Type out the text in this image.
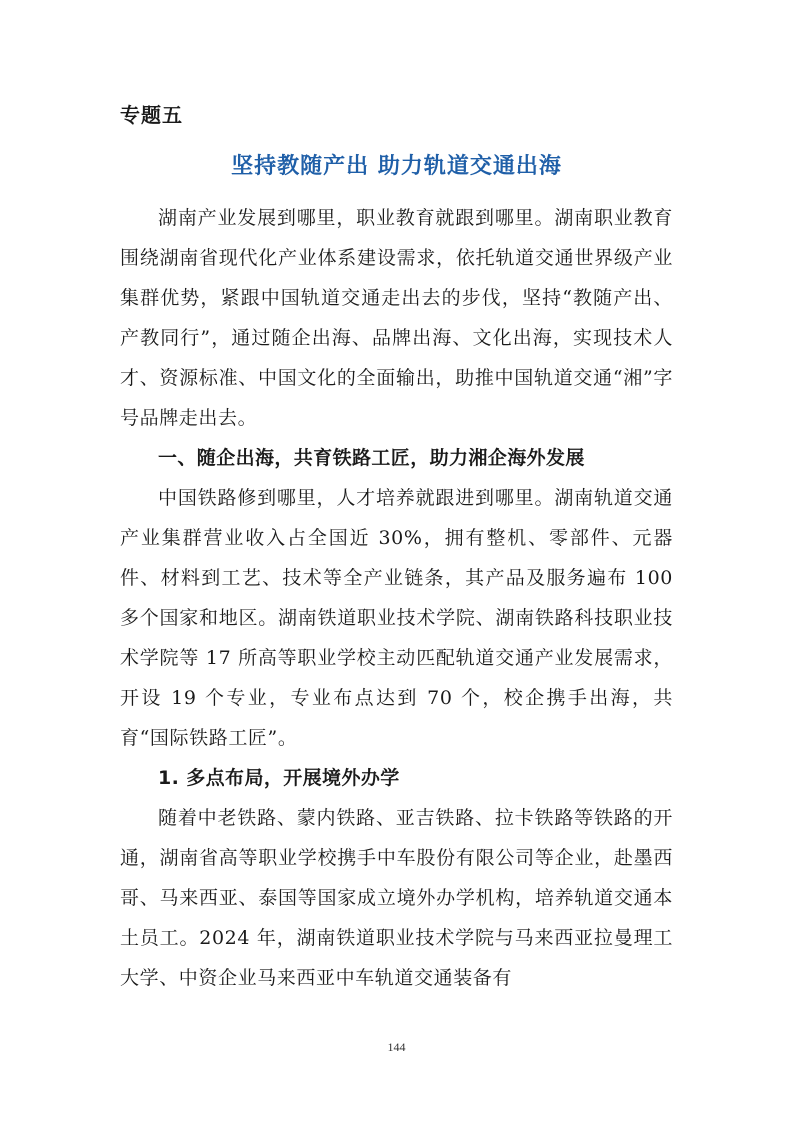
专题五
坚持教随产出 助力轨道交通出海

湖南产业发展到哪里，职业教育就跟到哪里。湖南职业教育围绕湖南省现代化产业体系建设需求，依托轨道交通世界级产业集群优势，紧跟中国轨道交通走出去的步伐，坚持“教随产出、产教同行”，通过随企出海、品牌出海、文化出海，实现技术人才、资源标准、中国文化的全面输出，助推中国轨道交通“湘”字号品牌走出去。

一、随企出海，共育铁路工匠，助力湘企海外发展

中国铁路修到哪里，人才培养就跟进到哪里。湖南轨道交通产业集群营业收入占全国近 30%，拥有整机、零部件、元器件、材料到工艺、技术等全产业链条，其产品及服务遍布 100 多个国家和地区。湖南铁道职业技术学院、湖南铁路科技职业技术学院等 17 所高等职业学校主动匹配轨道交通产业发展需求，开设 19 个专业，专业布点达到 70 个，校企携手出海，共育“国际铁路工匠”。

1. 多点布局，开展境外办学

随着中老铁路、蒙内铁路、亚吉铁路、拉卡铁路等铁路的开通，湖南省高等职业学校携手中车股份有限公司等企业，赴墨西哥、马来西亚、泰国等国家成立境外办学机构，培养轨道交通本土员工。2024 年，湖南铁道职业技术学院与马来西亚拉曼理工大学、中资企业马来西亚中车轨道交通装备有

144
